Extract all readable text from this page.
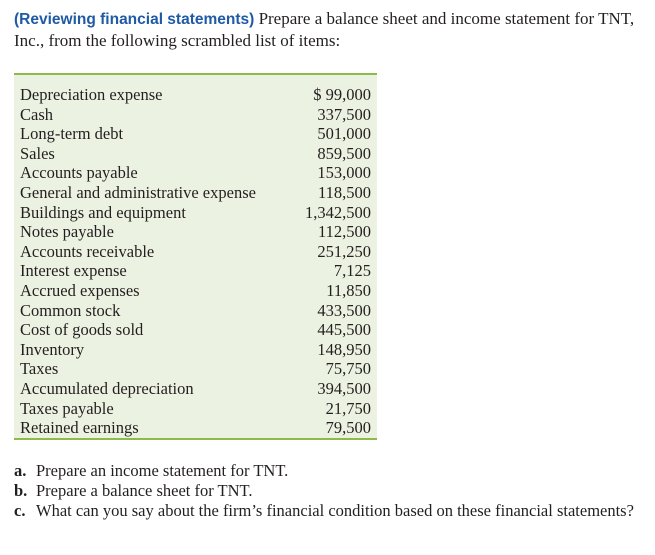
(Reviewing financial statements) Prepare a balance sheet and income statement for TNT, Inc., from the following scrambled list of items:
Depreciation expense	$ 99,000
Cash	337,500
Long-term debt	501,000
Sales	859,500
Accounts payable	153,000
General and administrative expense	118,500
Buildings and equipment	1,342,500
Notes payable	112,500
Accounts receivable	251,250
Interest expense	7,125
Accrued expenses	11,850
Common stock	433,500
Cost of goods sold	445,500
Inventory	148,950
Taxes	75,750
Accumulated depreciation	394,500
Taxes payable	21,750
Retained earnings	79,500
a. Prepare an income statement for TNT.
b. Prepare a balance sheet for TNT.
c. What can you say about the firm’s financial condition based on these financial statements?
